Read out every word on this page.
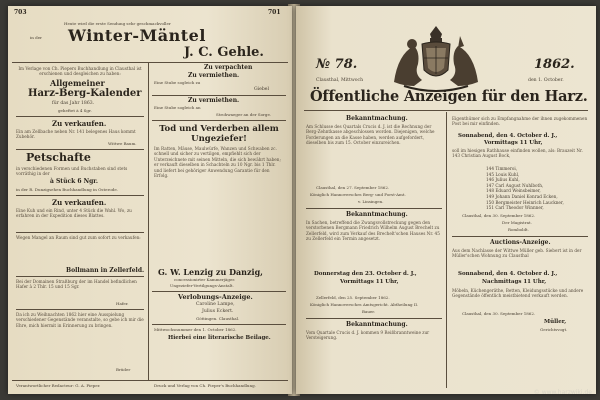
703	701
Heute wird die erste Sendung sehr geschmackvoller
in der Winter-Mäntel
J. C. Gehle.
Im Verlage von Ch. Piepers Buchhandlung in Clausthal ist erschienen und desgleichen zu haben:
Allgemeiner
Harz-Berg-Kalender
für das Jahr 1863.
geheftet à 4 Sgr.
Zu verkaufen.
Ein am Zellbache neben Nr. 141 belegenes Haus kommt Zubehör.
Wittwe Baum.
Petschafte
in verschiedenen Formen und Buchstaben sind stets vorräthig in der
à Stück 6 Ngr.
in der R. Dunzigsehen Buchhandlung in Osterode.
Zu verkaufen.
Eine Kuh und ein Rind, unter 4 Stück die Wahl. Wo, zu erfahren in der Expedition dieses Blattes.
Wegen Mangel an Raum sind gut zum sofort zu verkaufen:
Bollmann in Zellerfeld.
Bei der Domainen Straßburg der im Handel befindlichen Hafer à 2 Thlr. 15 und 15 Sgr.
Hafer.
Da ich zu Weihnachten 1862 hier eine Ausspielung verschiedener Gegenstände veranstalte, so gebe ich mir die Ehre, mich hiermit in Erinnerung zu bringen.
Brüder
Zu verpachten
Zu vermiethen.
Eine Stube sogleich zu
Giebel
Zu vermiethen.
Eine Stube sogleich an
Strohwaeger an der Sorge.
Tod und Verderben allem Ungeziefer!
Im Ratten, Mäuse, Maulwürfe, Wanzen und Schwaben zc. schnell und sicher zu vertilgen, empfiehlt sich der Unterzeichnete mit seinen Mitteln, die sich bewährt haben; er verkauft dieselben in Schachteln zu 10 Ngr. bis 1 Thlr. und liefert bei gehöriger Anwendung Garantie für den Erfolg.
G. W. Lenzig zu Danzig,
concessionirter Kammerjäger.
Ungeziefer-Vertilgungs-Anstalt.
Verlobungs-Anzeige.
Caroline Lampe,
Julius Eckert.
Göttingen. Clausthal.
Mittwochsnummer den 1. October 1862.
Hierbei eine literarische Beilage.
Verantwortlicher Redacteur: G. A. Pieper.	Druck und Verlag von Ch. Pieper's Buchhandlung.
№ 78.	1862.
Clausthal, Mittwoch	den 1. October.
Öffentliche Anzeigen für den Harz.
Bekanntmachung.
Am Schlusse des Quartals Crucis d. J. ist die Rechnung der Berg-Zehntkasse abgeschlossen worden. Diejenigen, welche Forderungen an die Kasse haben, werden aufgefordert, dieselben bis zum 15. October einzureichen.
Clausthal, den 27. September 1862.
Königlich Hannoversches Berg- und Forst-Amt.
v. Linsingen.
Bekanntmachung.
In Sachen, betreffend die Zwangsvollstreckung gegen den verstorbenen Bergmann Friedrich Wilhelm August Brechelt zu Zellerfeld, wird zum Verkauf des Brechelt'schen Hauses Nr. 45 zu Zellerfeld ein Termin angesetzt.
Donnerstag den 23. October d. J.,
Vormittags 11 Uhr,
Zellerfeld, den 25. September 1862.
Königlich Hannoversches Amtsgericht. Abtheilung II.
Bauer.
Bekanntmachung.
Vom Quartale Crucis d. J. kommen 9 Reißbranntweine zur Versteigerung.
Eigenthümer sich zu Empfangnahme der ihnen zugekommenen Post bei mir einfinden.
Sonnabend, den 4. October d. J.,
Vormittags 11 Uhr,
soll im hiesigen Rathhause einfinden wollen, als: Brauzeit Nr. 143 Christian August Bock,
144 Timmeroi,
145 Louis Kuhl,
146 Julius Kuhl,
147 Carl August Nuhlboth,
148 Eduard Weinsbeimer,
149 Johann Daniel Konrad Ecken,
150 Bergmeister Heinrich Lauckner,
151 Carl Theodor Winnner,
Clausthal, den 30. September 1862.
Der Magistrat.
Romboldt.
Auctions-Anzeige.
Aus dem Nachlasse der Wittwe Müller geb. Siebert ist in der Müller'schen Wohnung zu Clausthal
Sonnabend, den 4. October d. J.,
Nachmittags 11 Uhr,
Möbeln, Küchengeräthe, Betten, Kleidungsstücke und andere Gegenstände öffentlich meistbietend verkauft werden.
Clausthal, den 30. September 1862.
Müller,
Gerichtsvogt.
© www.harzwiki.de
